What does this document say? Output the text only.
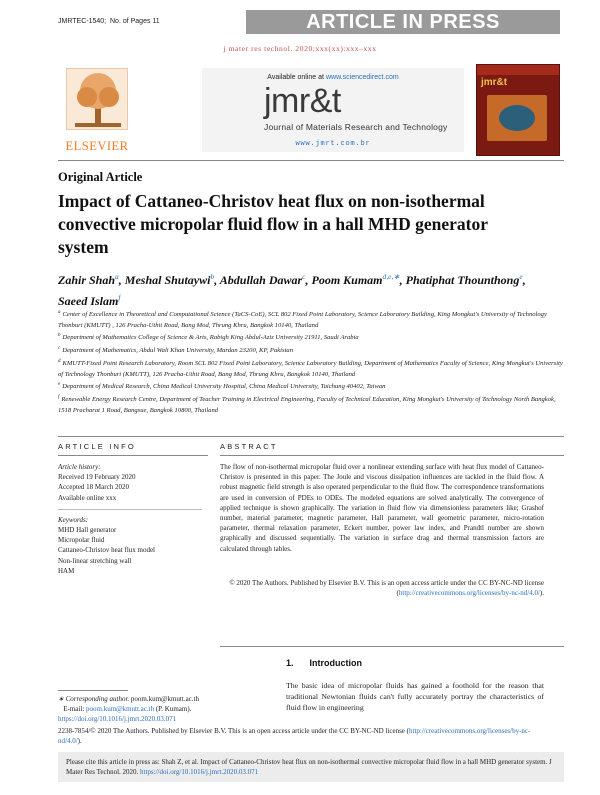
JMRTEC-1540; No. of Pages 11	ARTICLE IN PRESS
j mater res technol. 2020;xxx(xx):xxx–xxx
ELSEVIER
Available online at www.sciencedirect.com
jmr&t
Journal of Materials Research and Technology
www.jmrt.com.br
jmr&t
Original Article
Impact of Cattaneo-Christov heat flux on non-isothermal convective micropolar fluid flow in a hall MHD generator system
Zahir Shah$^a$, Meshal Shutaywi$^b$, Abdullah Dawar$^c$, Poom Kumam$^{d,e,∗}$, Phatiphat Thounthong$^e$, Saeed Islam$^f$
$^a$ Center of Excellence in Theoretical and Computational Science (TaCS-CoE), SCL 802 Fixed Point Laboratory, Science Laboratory Building, King Mongkut's University of Technology Thonburi (KMUTT) , 126 Pracha-Uthit Road, Bang Mod, Thrung Khru, Bangkok 10140, Thailand
$^b$ Department of Mathematics College of Science & Arts, Rabigh King Abdul-Aziz University 21911, Saudi Arabia
$^c$ Department of Mathematics, Abdul Wali Khan University, Mardan 23200, KP, Pakistan
$^d$ KMUTT-Fixed Point Research Laboratory, Room SCL 802 Fixed Point Laboratory, Science Laboratory Building, Department of Mathematics Faculty of Science, King Mongkut's University of Technology Thonburi (KMUTT), 126 Pracha-Uthit Road, Bang Mod, Thrung Khru, Bangkok 10140, Thailand
$^e$ Department of Medical Research, China Medical University Hospital, China Medical University, Taichung 40402, Taiwan
$^f$ Renewable Energy Research Centre, Department of Teacher Training in Electrical Engineering, Faculty of Technical Education, King Mongkut's University of Technology North Bangkok, 1518 Pracharat 1 Road, Bangsue, Bangkok 10800, Thailand
ARTICLE INFO	ABSTRACT
Article history:
Received 19 February 2020
Accepted 18 March 2020
Available online xxx
Keywords:
MHD Hall generator
Micropolar fluid
Cattaneo-Christov heat flux model
Non-linear stretching wall
HAM
The flow of non-isothermal micropolar fluid over a nonlinear extending surface with heat flux model of Cattaneo-Christov is presented in this paper. The Joule and viscous dissipation influences are tackled in the fluid flow. A robust magnetic field strength is also operated perpendicular to the fluid flow. The correspondence transformations are used in conversion of PDEs to ODEs. The modeled equations are solved analytically. The convergence of applied technique is shown graphically. The variation in fluid flow via dimensionless parameters like; Grashof number, material parameter, magnetic parameter, Hall parameter, wall geometric parameter, micro-rotation parameter, thermal relaxation parameter, Eckert number, power law index, and Prandtl number are shown graphically and discussed sequentially. The variation in surface drag and thermal transmission factors are calculated through tables.
© 2020 The Authors. Published by Elsevier B.V. This is an open access article under the CC BY-NC-ND license (http://creativecommons.org/licenses/by-nc-nd/4.0/).
1. Introduction
The basic idea of micropolar fluids has gained a foothold for the reason that traditional Newtonian fluids can't fully accurately portray the characteristics of fluid flow in engineering
∗ Corresponding author. poom.kum@kmutt.ac.th
E-mail: poom.kum@kmutt.ac.th (P. Kumam).
https://doi.org/10.1016/j.jmrt.2020.03.071
2238-7854/© 2020 The Authors. Published by Elsevier B.V. This is an open access article under the CC BY-NC-ND license (http://creativecommons.org/licenses/by-nc-nd/4.0/).
Please cite this article in press as: Shah Z, et al. Impact of Cattaneo-Christov heat flux on non-isothermal convective micropolar fluid flow in a hall MHD generator system. J Mater Res Technol. 2020. https://doi.org/10.1016/j.jmrt.2020.03.071
